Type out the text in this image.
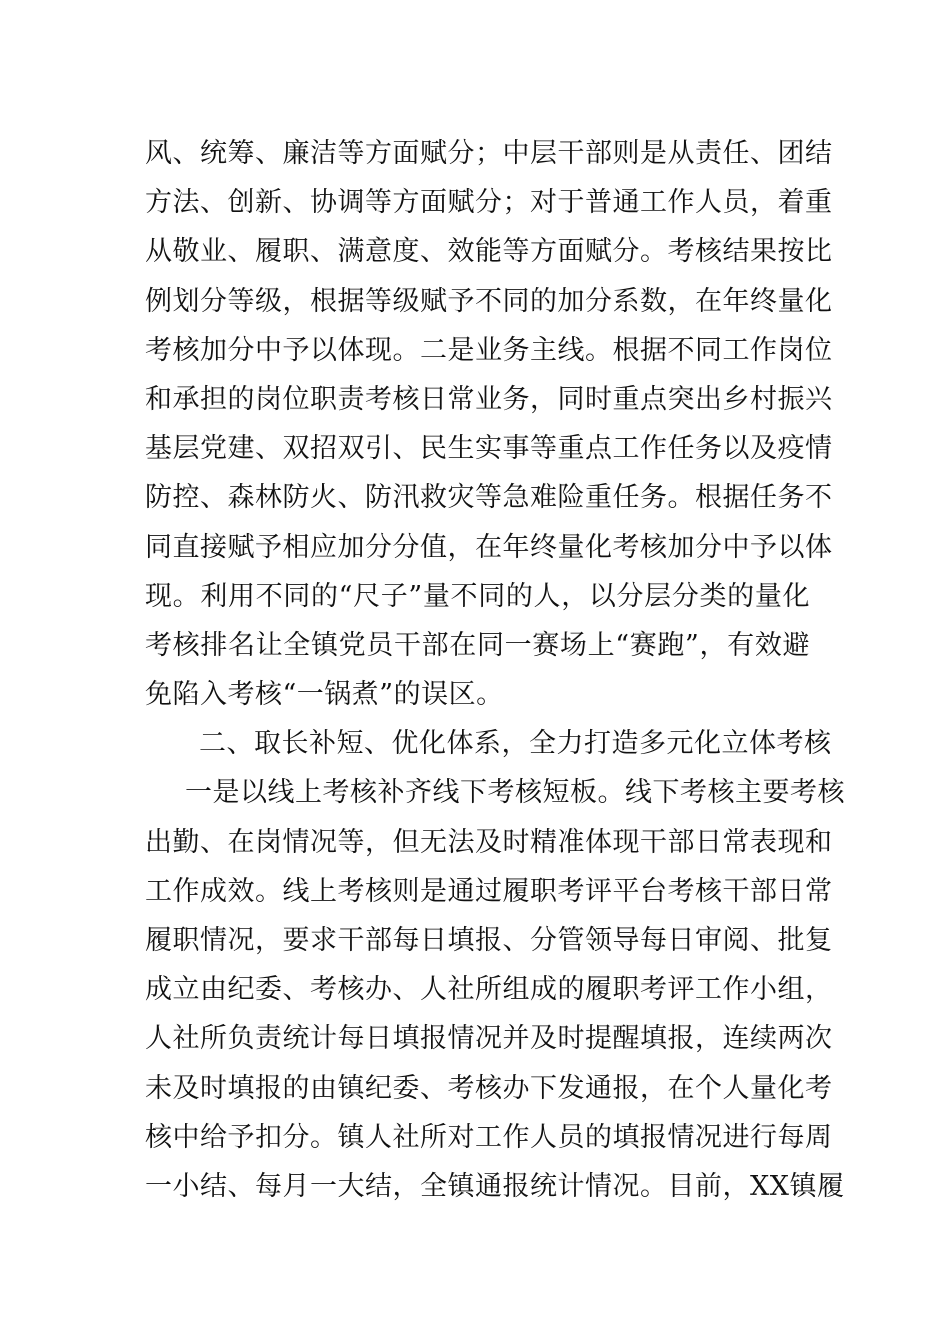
风、统筹、廉洁等方面赋分；中层干部则是从责任、团结
方法、创新、协调等方面赋分；对于普通工作人员，着重
从敬业、履职、满意度、效能等方面赋分。考核结果按比
例划分等级，根据等级赋予不同的加分系数，在年终量化
考核加分中予以体现。二是业务主线。根据不同工作岗位
和承担的岗位职责考核日常业务，同时重点突出乡村振兴
基层党建、双招双引、民生实事等重点工作任务以及疫情
防控、森林防火、防汛救灾等急难险重任务。根据任务不
同直接赋予相应加分分值，在年终量化考核加分中予以体
现。利用不同的“尺子”量不同的人，以分层分类的量化
考核排名让全镇党员干部在同一赛场上“赛跑”，有效避
免陷入考核“一锅煮”的误区。
二、取长补短、优化体系，全力打造多元化立体考核
一是以线上考核补齐线下考核短板。线下考核主要考核
出勤、在岗情况等，但无法及时精准体现干部日常表现和
工作成效。线上考核则是通过履职考评平台考核干部日常
履职情况，要求干部每日填报、分管领导每日审阅、批复
成立由纪委、考核办、人社所组成的履职考评工作小组，
人社所负责统计每日填报情况并及时提醒填报，连续两次
未及时填报的由镇纪委、考核办下发通报，在个人量化考
核中给予扣分。镇人社所对工作人员的填报情况进行每周
一小结、每月一大结，全镇通报统计情况。目前，XX镇履
